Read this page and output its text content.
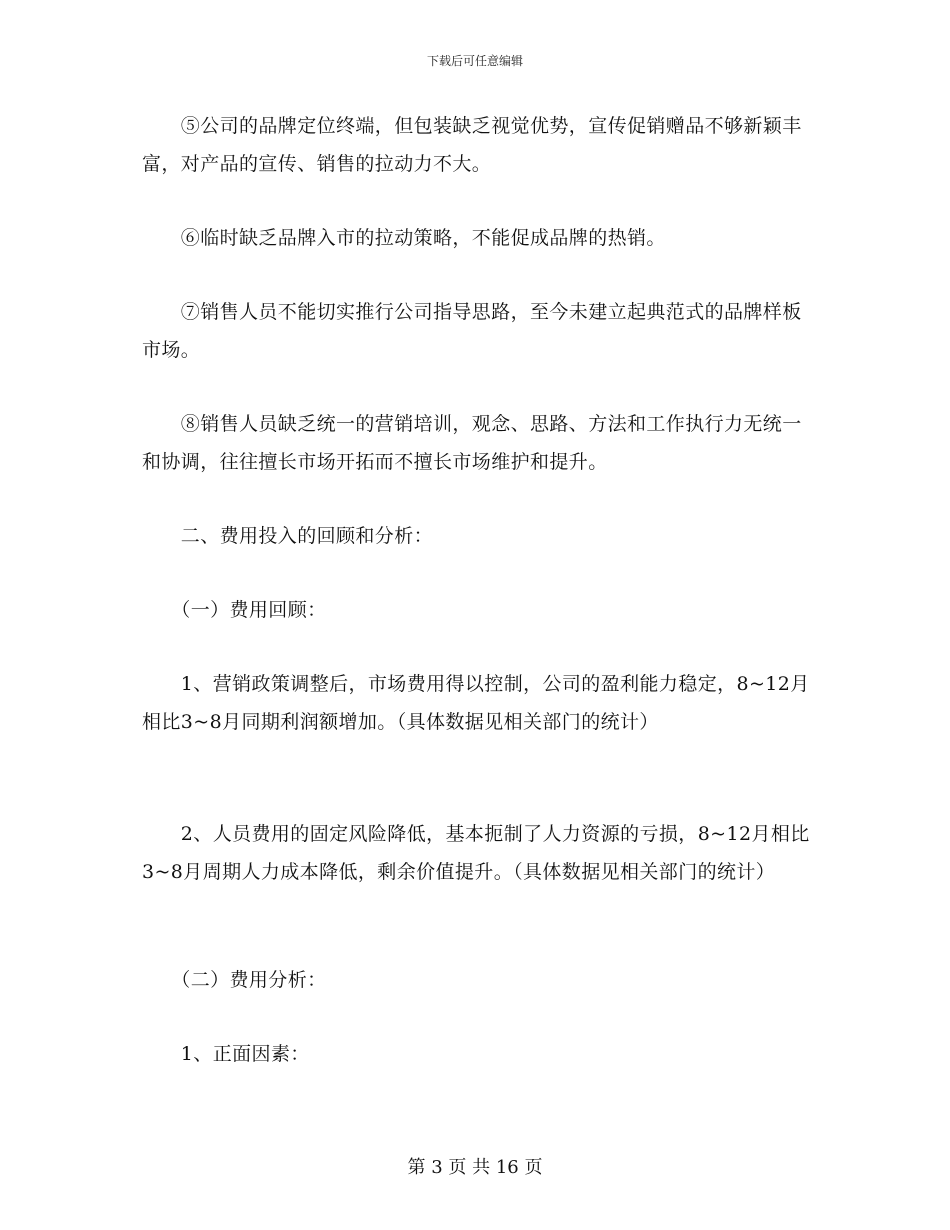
下载后可任意编辑

　　⑤公司的品牌定位终端，但包装缺乏视觉优势，宣传促销赠品不够新颖丰富，对产品的宣传、销售的拉动力不大。

　　⑥临时缺乏品牌入市的拉动策略，不能促成品牌的热销。

　　⑦销售人员不能切实推行公司指导思路，至今未建立起典范式的品牌样板市场。

　　⑧销售人员缺乏统一的营销培训，观念、思路、方法和工作执行力无统一和协调，往往擅长市场开拓而不擅长市场维护和提升。

　　二、费用投入的回顾和分析：

　　（一）费用回顾：

　　1、营销政策调整后，市场费用得以控制，公司的盈利能力稳定，8~12月相比3~8月同期利润额增加。（具体数据见相关部门的统计）

　　2、人员费用的固定风险降低，基本扼制了人力资源的亏损，8~12月相比3~8月周期人力成本降低，剩余价值提升。（具体数据见相关部门的统计）

　　（二）费用分析：

　　1、正面因素：

第 3 页 共 16 页
